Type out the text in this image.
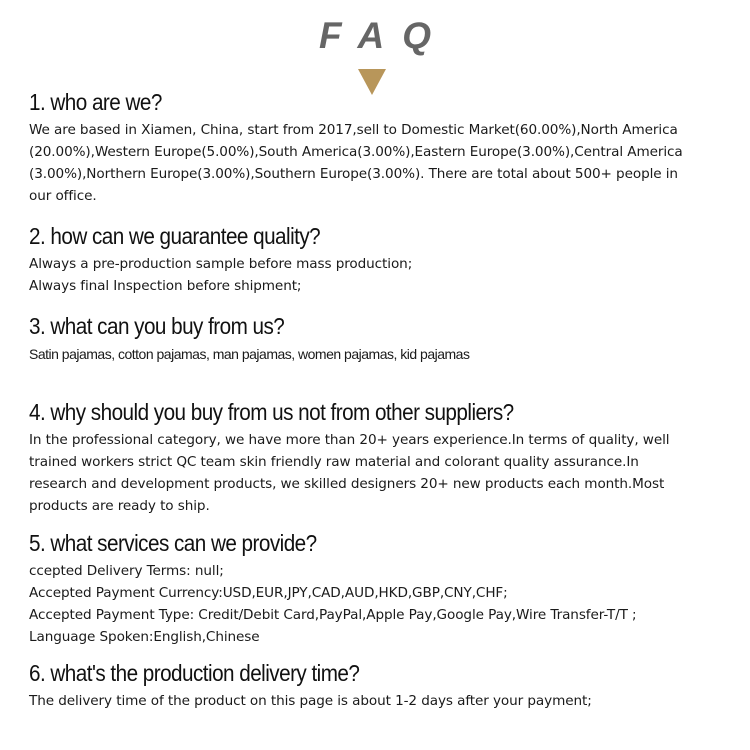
FAQ
1. who are we?
We are based in Xiamen, China, start from 2017,sell to Domestic Market(60.00%),North America
(20.00%),Western Europe(5.00%),South America(3.00%),Eastern Europe(3.00%),Central America
(3.00%),Northern Europe(3.00%),Southern Europe(3.00%). There are total about 500+ people in
our office.
2. how can we guarantee quality?
Always a pre-production sample before mass production;
Always final Inspection before shipment;
3. what can you buy from us?
Satin pajamas, cotton pajamas, man pajamas, women pajamas, kid pajamas
4. why should you buy from us not from other suppliers?
In the professional category, we have more than 20+ years experience.In terms of quality, well
trained workers strict QC team skin friendly raw material and colorant quality assurance.In
research and development products, we skilled designers 20+ new products each month.Most
products are ready to ship.
5. what services can we provide?
ccepted Delivery Terms: null;
Accepted Payment Currency:USD,EUR,JPY,CAD,AUD,HKD,GBP,CNY,CHF;
Accepted Payment Type: Credit/Debit Card,PayPal,Apple Pay,Google Pay,Wire Transfer-T/T ;
Language Spoken:English,Chinese
6. what's the production delivery time?
The delivery time of the product on this page is about 1-2 days after your payment;
